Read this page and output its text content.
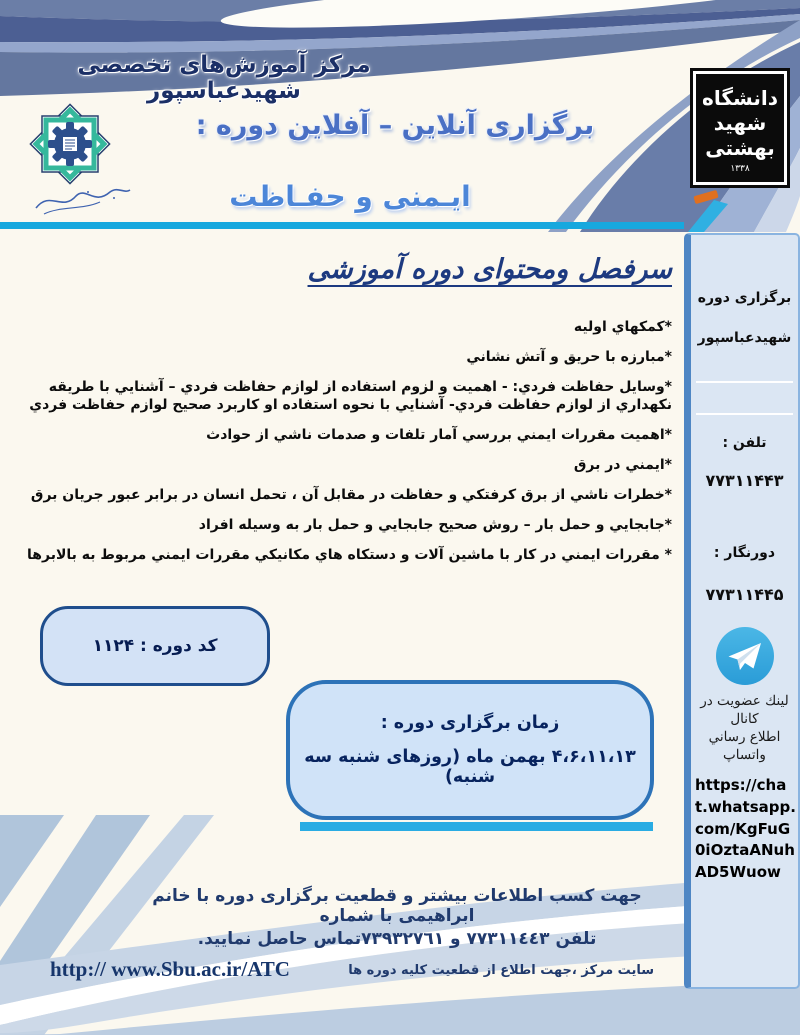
مرکز آموزش‌های تخصصی شهیدعباسپور
برگزاری آنلاین – آفلاین دوره :
ایـمنی و حفـاظت
دانشگاه
شهید
بهشتی
۱۳۳۸
سرفصل ومحتوای دوره آموزشی
*كمكهاي اوليه
*مبارزه با حريق و آتش نشاني
*وسايل حفاظت فردي: - اهميت و لزوم استفاده از لوازم حفاظت فردي – آشنايي با طريقه نكهداري از لوازم حفاظت فردي- آشنايي با نحوه استفاده او كاربرد صحيح لوازم حفاظت فردي
*اهميت مقررات ايمني بررسي آمار تلفات و صدمات ناشي از حوادث
*ايمني در برق
*خطرات ناشي از برق كرفتكي و حفاظت در مقابل آن ، تحمل انسان در برابر عبور جريان برق
*جابجايي و حمل بار – روش صحيح جابجايي و حمل بار به وسيله افراد
* مقررات ايمني در كار با ماشين آلات و دستكاه هاي مكانيكي مقررات ايمني مربوط به بالابرها
كد دوره : ۱۱۲۴
زمان برگزاری دوره :
۴،۶،۱۱،۱۳ بهمن ماه (روزهای شنبه سه شنبه)
برگزاری دوره
شهیدعباسپور
تلفن :
۷۷۳۱۱۴۴۳
دورنگار :
۷۷۳۱۱۴۴۵
لینك عضویت در كانال
اطلاع رساني واتساپ
https://chat.whatsapp.com/KgFuG0iOztaANuhAD5Wuow
جهت کسب اطلاعات بیشتر و قطعیت برگزاری دوره با خانم ابراهیمی با شماره
تلفن ٧٧٣١١٤٤٣ و ٧٣٩٣٢٧٦١تماس حاصل نمایید.
سایت مرکز ،جهت اطلاع از قطعیت کلیه دوره ها
http:// www.Sbu.ac.ir/ATC
